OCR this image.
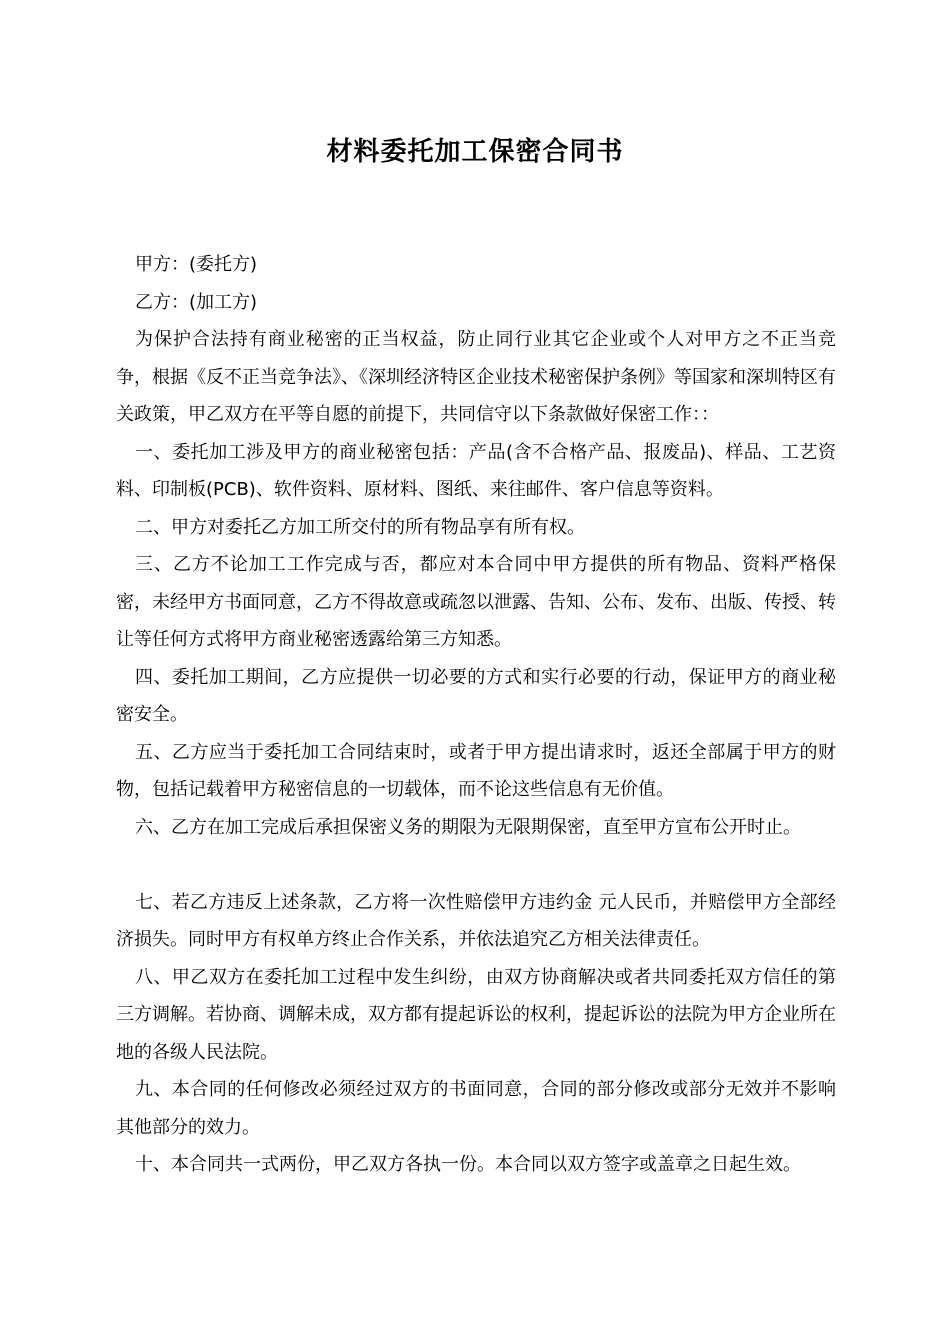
材料委托加工保密合同书

甲方：(委托方)

乙方：(加工方)

为保护合法持有商业秘密的正当权益，防止同行业其它企业或个人对甲方之不正当竞争，根据《反不正当竞争法》、《深圳经济特区企业技术秘密保护条例》等国家和深圳特区有关政策，甲乙双方在平等自愿的前提下，共同信守以下条款做好保密工作：：

一、委托加工涉及甲方的商业秘密包括：产品(含不合格产品、报废品)、样品、工艺资料、印制板(PCB)、软件资料、原材料、图纸、来往邮件、客户信息等资料。

二、甲方对委托乙方加工所交付的所有物品享有所有权。

三、乙方不论加工工作完成与否，都应对本合同中甲方提供的所有物品、资料严格保密，未经甲方书面同意，乙方不得故意或疏忽以泄露、告知、公布、发布、出版、传授、转让等任何方式将甲方商业秘密透露给第三方知悉。

四、委托加工期间，乙方应提供一切必要的方式和实行必要的行动，保证甲方的商业秘密安全。

五、乙方应当于委托加工合同结束时，或者于甲方提出请求时，返还全部属于甲方的财物，包括记载着甲方秘密信息的一切载体，而不论这些信息有无价值。

六、乙方在加工完成后承担保密义务的期限为无限期保密，直至甲方宣布公开时止。

七、若乙方违反上述条款，乙方将一次性赔偿甲方违约金 元人民币，并赔偿甲方全部经济损失。同时甲方有权单方终止合作关系，并依法追究乙方相关法律责任。

八、甲乙双方在委托加工过程中发生纠纷，由双方协商解决或者共同委托双方信任的第三方调解。若协商、调解未成，双方都有提起诉讼的权利，提起诉讼的法院为甲方企业所在地的各级人民法院。

九、本合同的任何修改必须经过双方的书面同意，合同的部分修改或部分无效并不影响其他部分的效力。

十、本合同共一式两份，甲乙双方各执一份。本合同以双方签字或盖章之日起生效。
